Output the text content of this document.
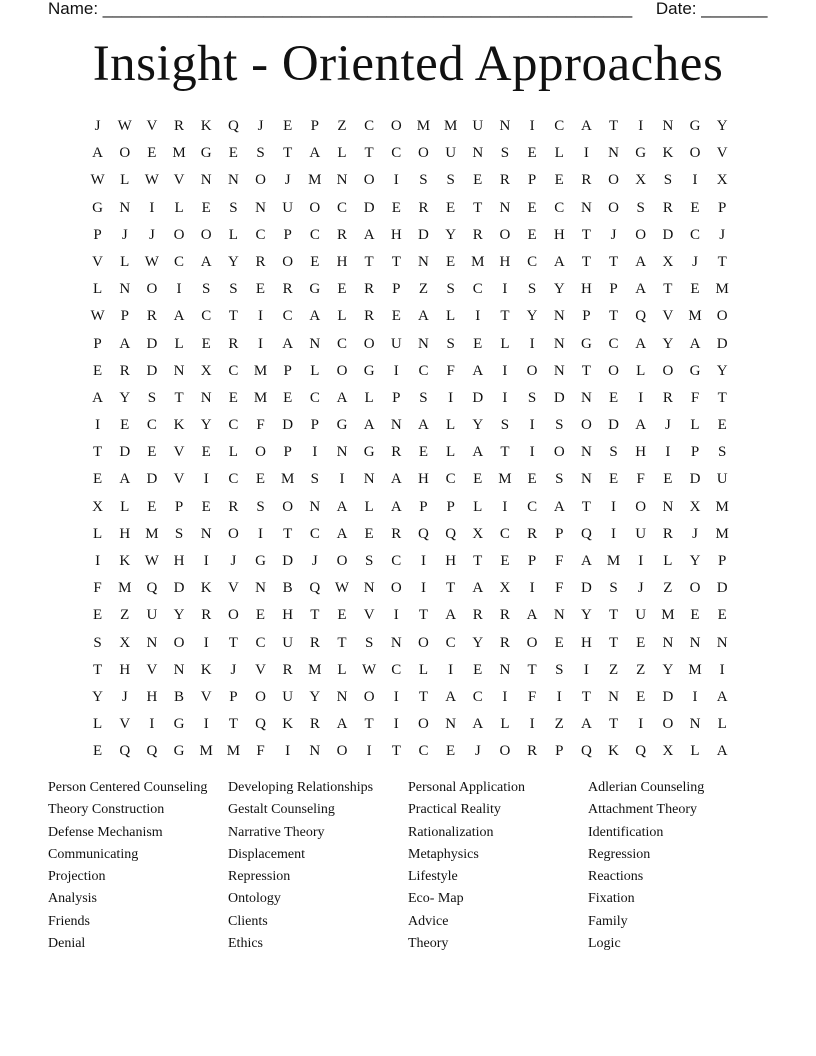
Name: ________________________________________________________     Date: _______
Insight - Oriented Approaches
J	W V	R	K	Q	J	E	P	Z	C	O	M M	U	N	I	C	A	T	I	N	G	Y
A	O	E	M	G	E	S	T	A	L	T	C	O	U	N	S	E	L	I	N	G	K	O	V
W	L	W V	N	N	O	J	M	N	O	I	S	S	E	R	P	E	R	O	X	S	I	X
G	N	I	L	E	S	N	U	O	C	D	E	R	E	T	N	E	C	N	O	S	R	E	P
P	J	J	O	O	L	C	P	C	R	A	H	D	Y	R	O	E	H	T	J	O	D	C	J
V	L	W	C	A	Y	R	O	E	H	T	T	N	E	M	H	C	A	T	T	A	X	J	T
L	N	O	I	S	S	E	R	G	E	R	P	Z	S	C	I	S	Y	H	P	A	T	E	M
W	P	R	A	C	T	I	C	A	L	R	E	A	L	I	T	Y	N	P	T	Q	V	M	O
P	A	D	L	E	R	I	A	N	C	O	U	N	S	E	L	I	N	G	C	A	Y	A	D
E	R	D	N	X	C	M	P	L	O	G	I	C	F	A	I	O	N	T	O	L	O	G	Y
A	Y	S	T	N	E	M	E	C	A	L	P	S	I	D	I	S	D	N	E	I	R	F	T
I	E	C	K	Y	C	F	D	P	G	A	N	A	L	Y	S	I	S	O	D	A	J	L	E
T	D	E	V	E	L	O	P	I	N	G	R	E	L	A	T	I	O	N	S	H	I	P	S
E	A	D	V	I	C	E	M	S	I	N	A	H	C	E	M	E	S	N	E	F	E	D	U
X	L	E	P	E	R	S	O	N	A	L	A	P	P	L	I	C	A	T	I	O	N	X	M
L	H	M	S	N	O	I	T	C	A	E	R	Q	Q	X	C	R	P	Q	I	U	R	J	M
I	K W H	I	J	G	D	J	O	S	C	I	H	T	E	P	F	A	M	I	L	Y	P
F	M	Q	D	K	V	N	B	Q W N	O	I	T	A	X	I	F	D	S	J	Z	O	D
E	Z	U	Y	R	O	E	H	T	E	V	I	T	A	R	R	A	N	Y	T	U	M	E	E
S	X	N	O	I	T	C	U	R	T	S	N	O	C	Y	R	O	E	H	T	E	N	N	N
T	H	V	N	K	J	V	R	M	L	W	C	L	I	E	N	T	S	I	Z	Z	Y	M	I
Y	J	H	B	V	P	O	U	Y	N	O	I	T	A	C	I	F	I	T	N	E	D	I	A
L	V	I	G	I	T	Q	K	R	A	T	I	O	N	A	L	I	Z	A	T	I	O	N	L
E	Q	Q	G	M M	F	I	N	O	I	T	C	E	J	O	R	P	Q	K	Q	X	L	A
Person Centered Counseling	Developing Relationships	Personal Application	Adlerian Counseling
Theory Construction	Gestalt Counseling	Practical Reality	Attachment Theory
Defense Mechanism	Narrative Theory	Rationalization	Identification
Communicating	Displacement	Metaphysics	Regression
Projection	Repression	Lifestyle	Reactions
Analysis	Ontology	Eco- Map	Fixation
Friends	Clients	Advice	Family
Denial	Ethics	Theory	Logic
